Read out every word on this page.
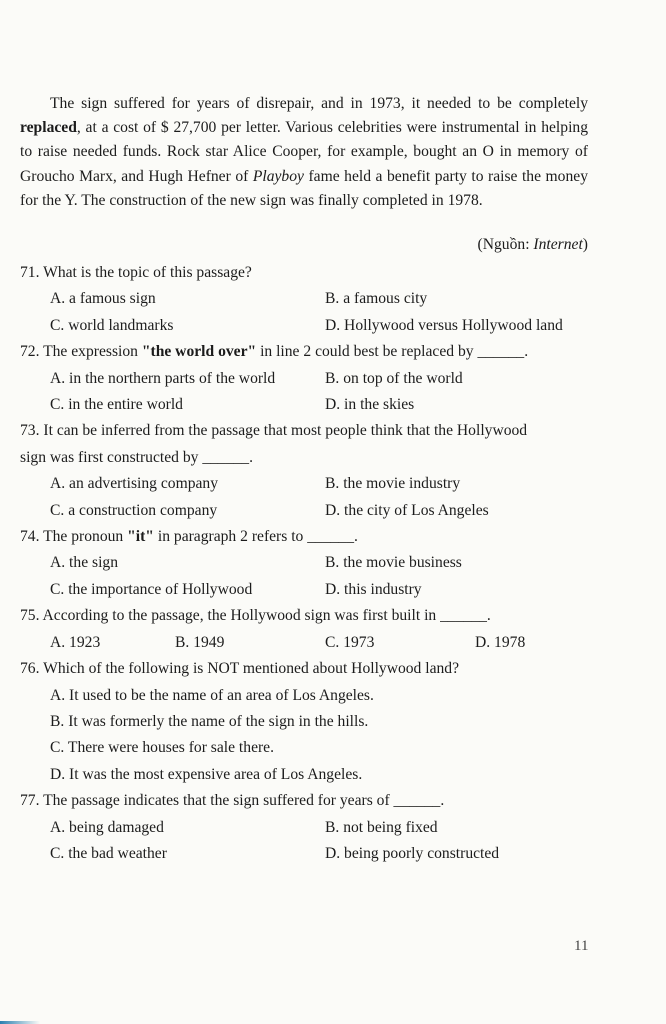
The sign suffered for years of disrepair, and in 1973, it needed to be completely replaced, at a cost of $ 27,700 per letter. Various celebrities were instrumental in helping to raise needed funds. Rock star Alice Cooper, for example, bought an O in memory of Groucho Marx, and Hugh Hefner of Playboy fame held a benefit party to raise the money for the Y. The construction of the new sign was finally completed in 1978.

(Nguồn: Internet)
71. What is the topic of this passage?
A. a famous sign	B. a famous city
C. world landmarks	D. Hollywood versus Hollywood land
72. The expression "the world over" in line 2 could best be replaced by ______.
A. in the northern parts of the world	B. on top of the world
C. in the entire world	D. in the skies
73. It can be inferred from the passage that most people think that the Hollywood
sign was first constructed by ______.
A. an advertising company	B. the movie industry
C. a construction company	D. the city of Los Angeles
74. The pronoun "it" in paragraph 2 refers to ______.
A. the sign	B. the movie business
C. the importance of Hollywood	D. this industry
75. According to the passage, the Hollywood sign was first built in ______.
A. 1923	B. 1949	C. 1973	D. 1978
76. Which of the following is NOT mentioned about Hollywood land?
A. It used to be the name of an area of Los Angeles.
B. It was formerly the name of the sign in the hills.
C. There were houses for sale there.
D. It was the most expensive area of Los Angeles.
77. The passage indicates that the sign suffered for years of ______.
A. being damaged	B. not being fixed
C. the bad weather	D. being poorly constructed
11
